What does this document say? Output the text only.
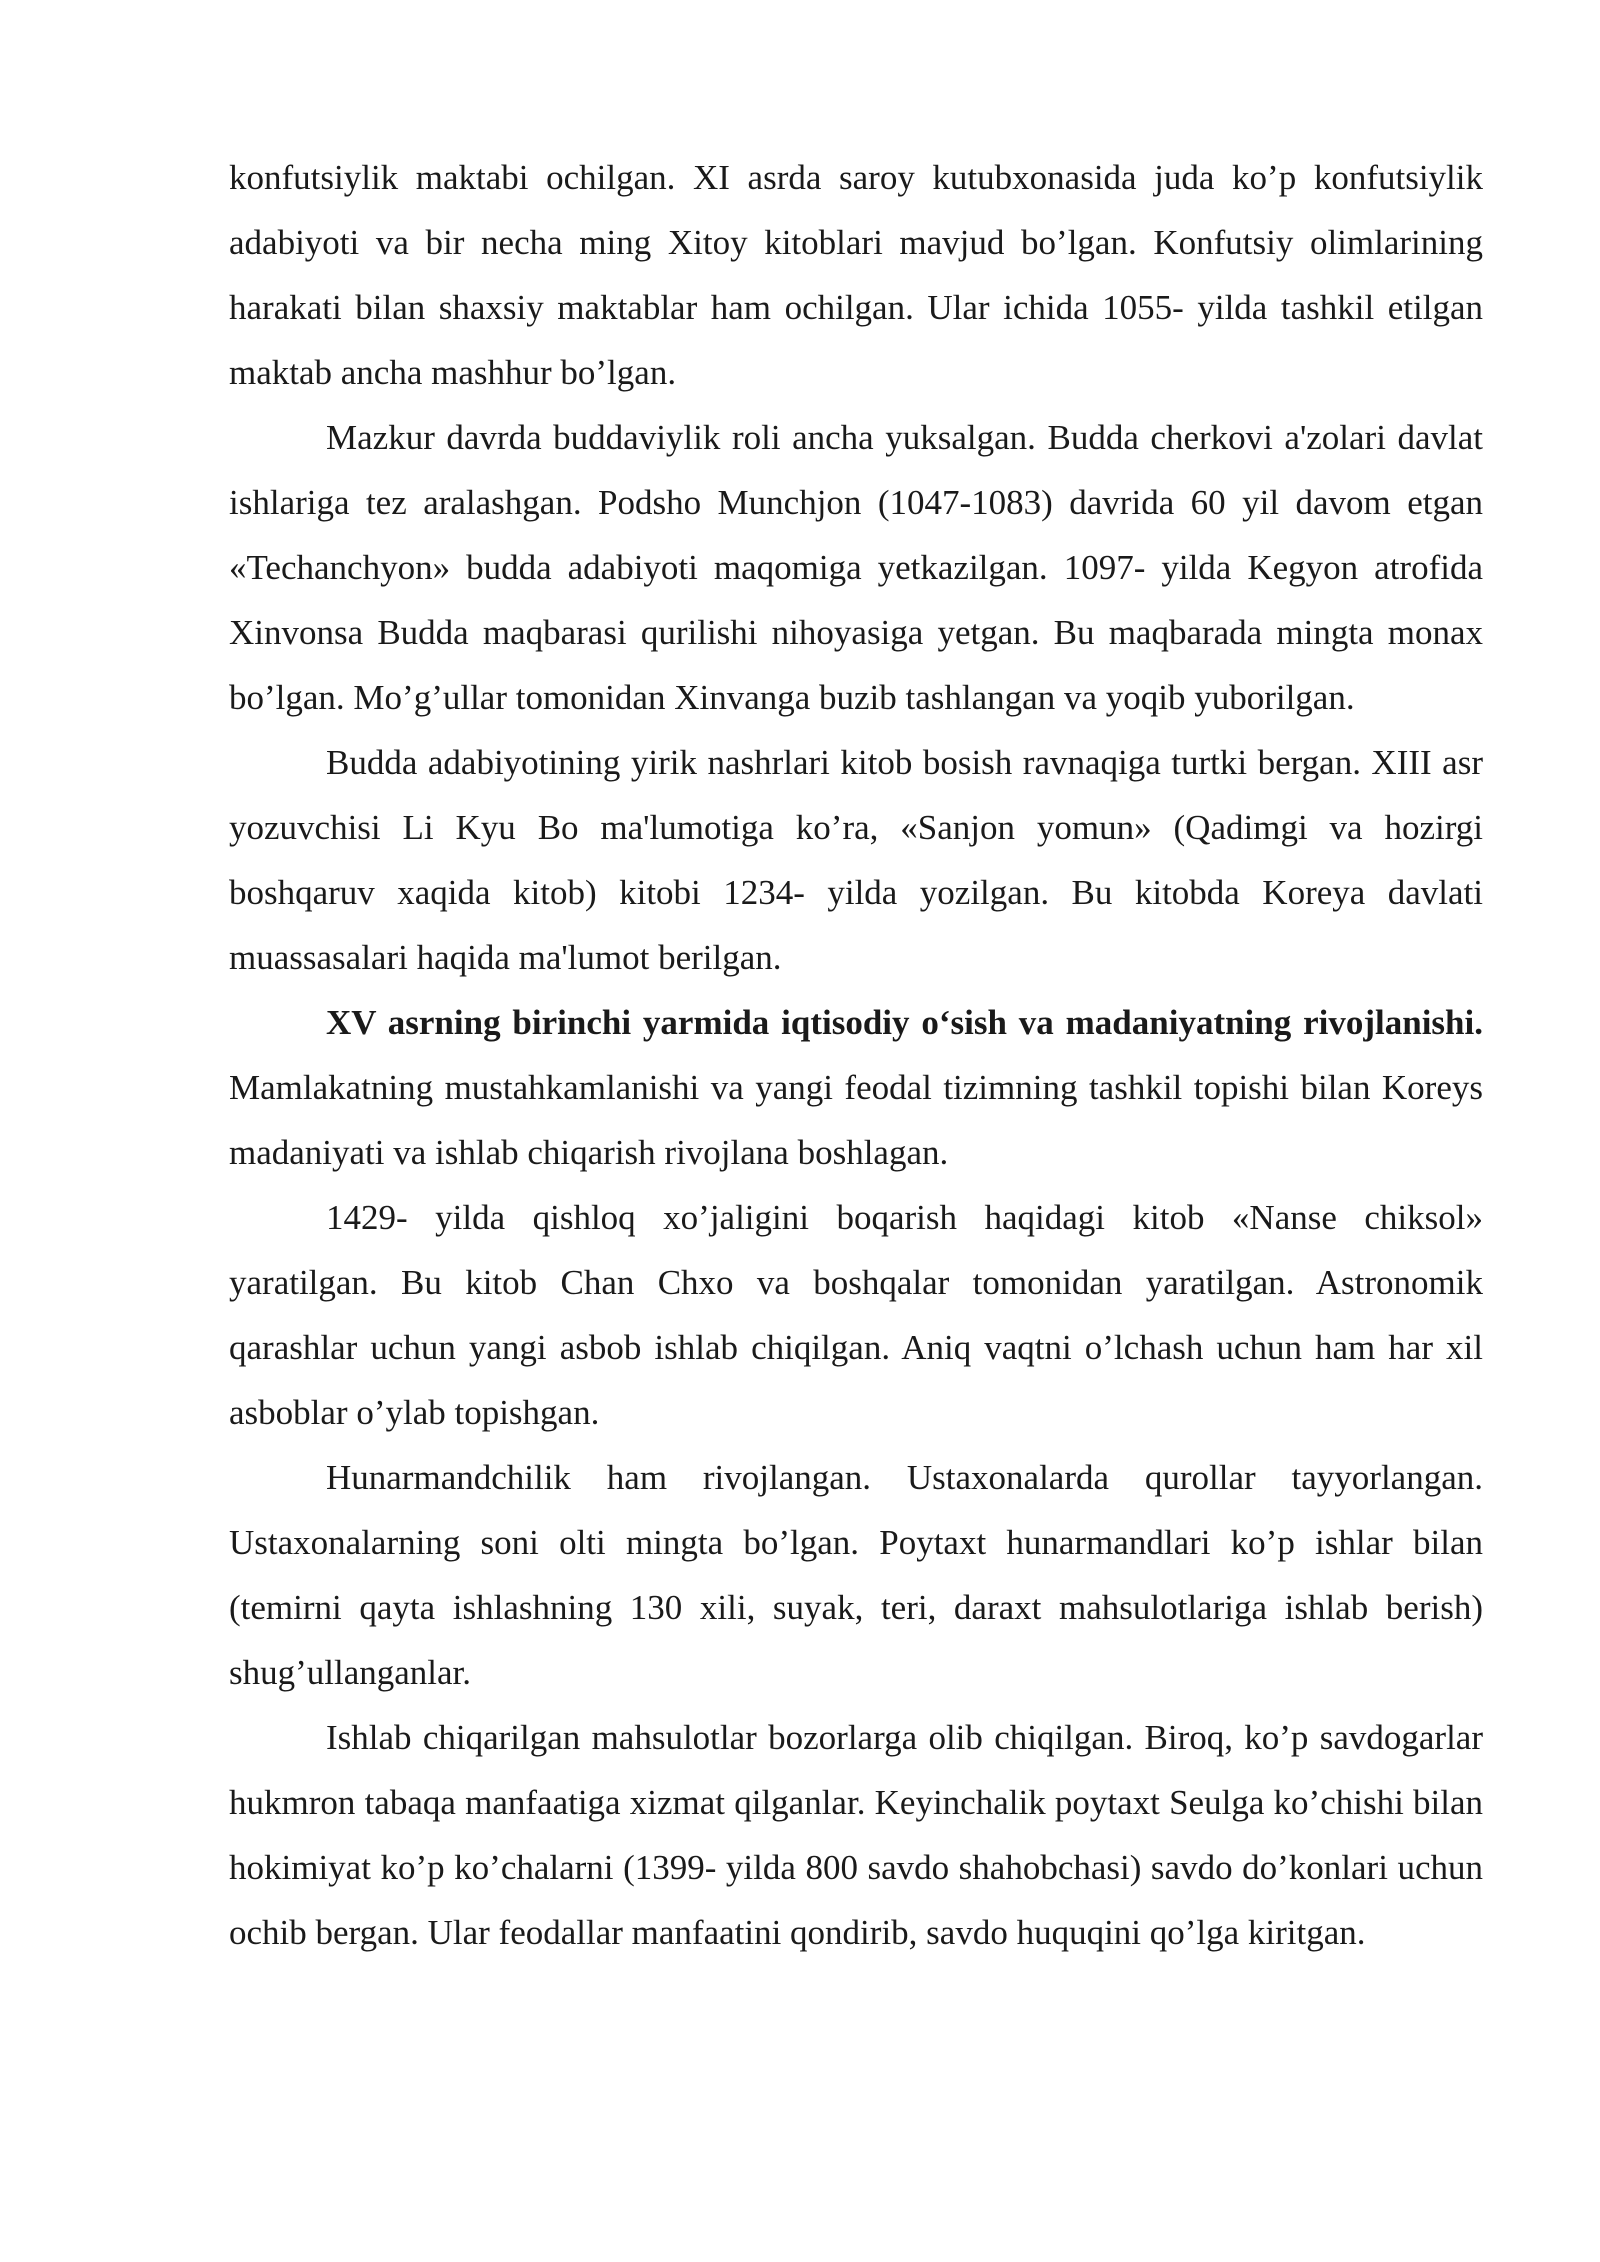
konfutsiylik maktabi ochilgan. XI asrda saroy kutubxonasida juda ko’p konfutsiylik adabiyoti va bir necha ming Xitoy kitoblari mavjud bo’lgan. Konfutsiy olimlarining harakati bilan shaxsiy maktablar ham ochilgan. Ular ichida 1055- yilda tashkil etilgan maktab ancha mashhur bo’lgan.

Mazkur davrda buddaviylik roli ancha yuksalgan. Budda cherkovi a'zolari davlat ishlariga tez aralashgan. Podsho Munchjon (1047-1083) davrida 60 yil davom etgan «Techanchyon» budda adabiyoti maqomiga yetkazilgan. 1097- yilda Kegyon atrofida Xinvonsa Budda maqbarasi qurilishi nihoyasiga yetgan. Bu maqbarada mingta monax bo’lgan. Mo’g’ullar tomonidan Xinvanga buzib tashlangan va yoqib yuborilgan.

Budda adabiyotining yirik nashrlari kitob bosish ravnaqiga turtki bergan. XIII asr yozuvchisi Li Kyu Bo ma'lumotiga ko’ra, «Sanjon yomun» (Qadimgi va hozirgi boshqaruv xaqida kitob) kitobi 1234- yilda yozilgan. Bu kitobda Koreya davlati muassasalari haqida ma'lumot berilgan.

XV asrning birinchi yarmida iqtisodiy o‘sish va madaniyatning rivojlanishi. Mamlakatning mustahkamlanishi va yangi feodal tizimning tashkil topishi bilan Koreys madaniyati va ishlab chiqarish rivojlana boshlagan.

1429- yilda qishloq xo’jaligini boqarish haqidagi kitob «Nanse chiksol» yaratilgan. Bu kitob Chan Chxo va boshqalar tomonidan yaratilgan. Astronomik qarashlar uchun yangi asbob ishlab chiqilgan. Aniq vaqtni o’lchash uchun ham har xil asboblar o’ylab topishgan.

Hunarmandchilik ham rivojlangan. Ustaxonalarda qurollar tayyorlangan. Ustaxonalarning soni olti mingta bo’lgan. Poytaxt hunarmandlari ko’p ishlar bilan (temirni qayta ishlashning 130 xili, suyak, teri, daraxt mahsulotlariga ishlab berish) shug’ullanganlar.

Ishlab chiqarilgan mahsulotlar bozorlarga olib chiqilgan. Biroq, ko’p savdogarlar hukmron tabaqa manfaatiga xizmat qilganlar. Keyinchalik poytaxt Seulga ko’chishi bilan hokimiyat ko’p ko’chalarni (1399- yilda 800 savdo shahobchasi) savdo do’konlari uchun ochib bergan. Ular feodallar manfaatini qondirib, savdo huquqini qo’lga kiritgan.
